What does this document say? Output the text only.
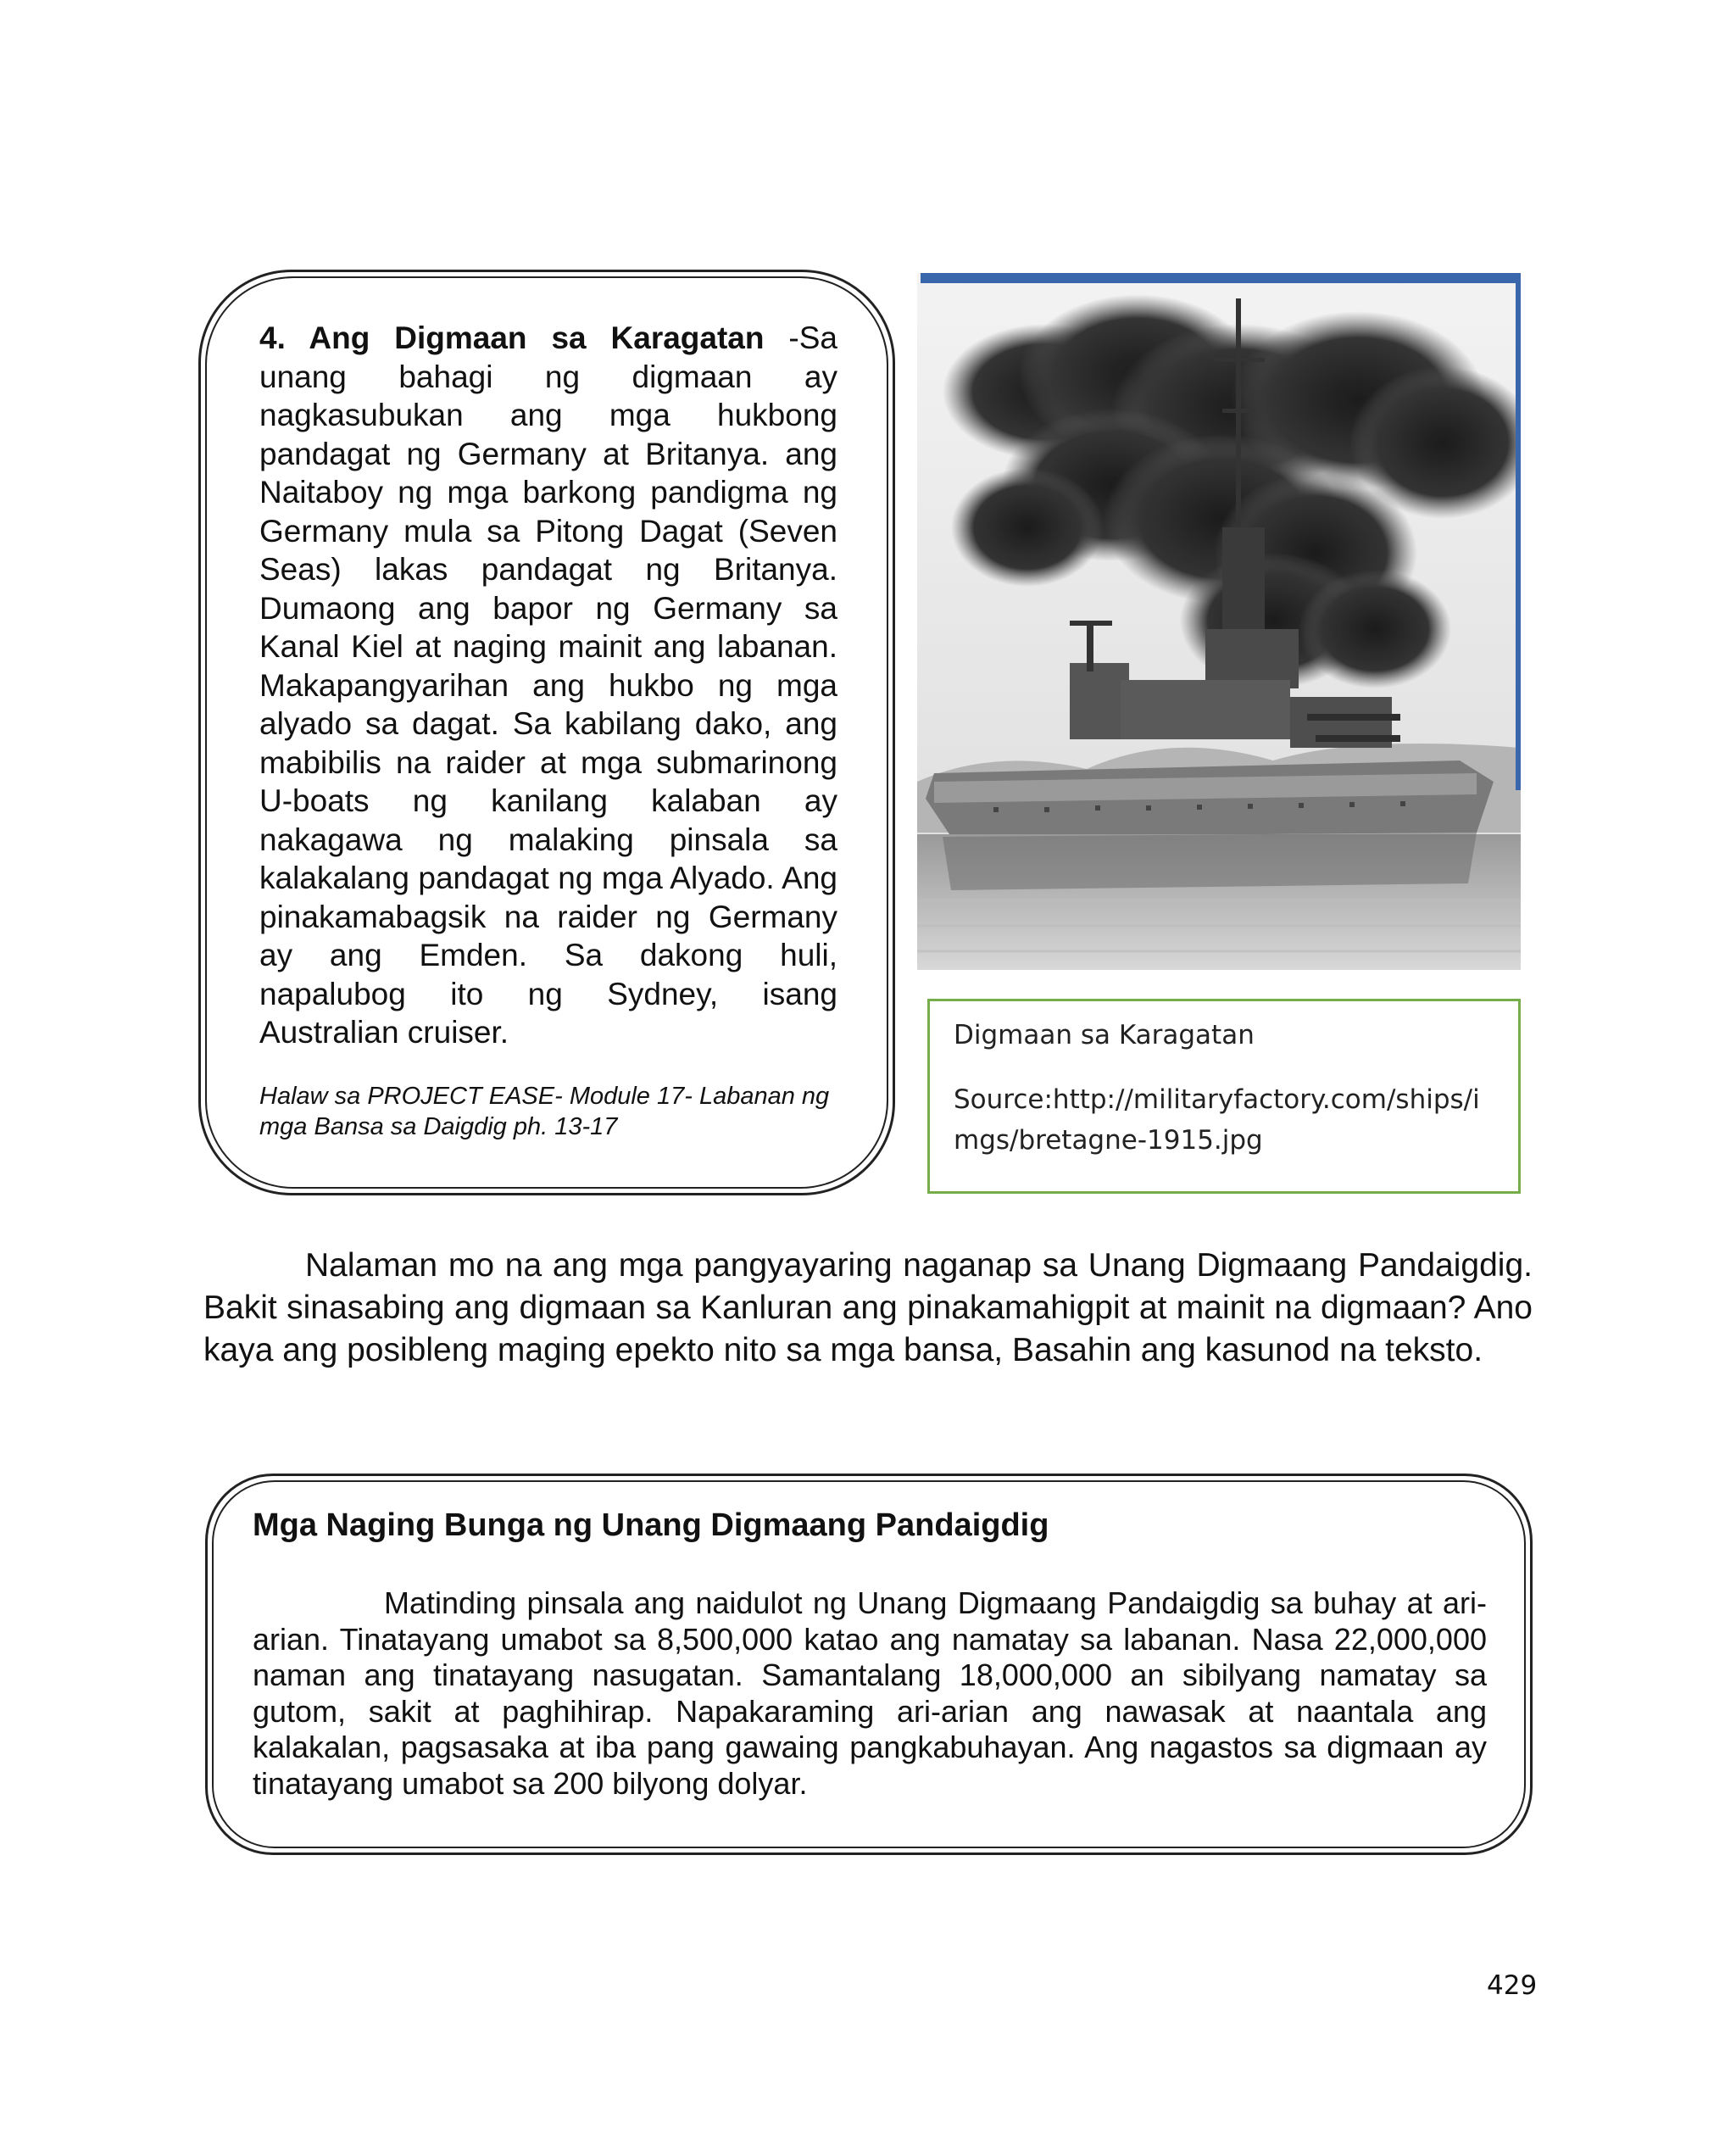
4. Ang Digmaan sa Karagatan -Sa unang bahagi ng digmaan ay nagkasubukan ang mga hukbong pandagat ng Germany at Britanya. ang Naitaboy ng mga barkong pandigma ng Germany mula sa Pitong Dagat (Seven Seas) lakas pandagat ng Britanya. Dumaong ang bapor ng Germany sa Kanal Kiel at naging mainit ang labanan. Makapangyarihan ang hukbo ng mga alyado sa dagat. Sa kabilang dako, ang mabibilis na raider at mga submarinong U-boats ng kanilang kalaban ay nakagawa ng malaking pinsala sa kalakalang pandagat ng mga Alyado. Ang pinakamabagsik na raider ng Germany ay ang Emden. Sa dakong huli, napalubog ito ng Sydney, isang Australian cruiser.

Halaw sa PROJECT EASE- Module 17- Labanan ng mga Bansa sa Daigdig ph. 13-17

Digmaan sa Karagatan

Source:http://militaryfactory.com/ships/imgs/bretagne-1915.jpg

Nalaman mo na ang mga pangyayaring naganap sa Unang Digmaang Pandaigdig. Bakit sinasabing ang digmaan sa Kanluran ang pinakamahigpit at mainit na digmaan? Ano kaya ang posibleng maging epekto nito sa mga bansa, Basahin ang kasunod na teksto.

Mga Naging Bunga ng Unang Digmaang Pandaigdig

Matinding pinsala ang naidulot ng Unang Digmaang Pandaigdig sa buhay at ari-arian. Tinatayang umabot sa 8,500,000 katao ang namatay sa labanan. Nasa 22,000,000 naman ang tinatayang nasugatan. Samantalang 18,000,000 an sibilyang namatay sa gutom, sakit at paghihirap. Napakaraming ari-arian ang nawasak at naantala ang kalakalan, pagsasaka at iba pang gawaing pangkabuhayan. Ang nagastos sa digmaan ay tinatayang umabot sa 200 bilyong dolyar.

429
